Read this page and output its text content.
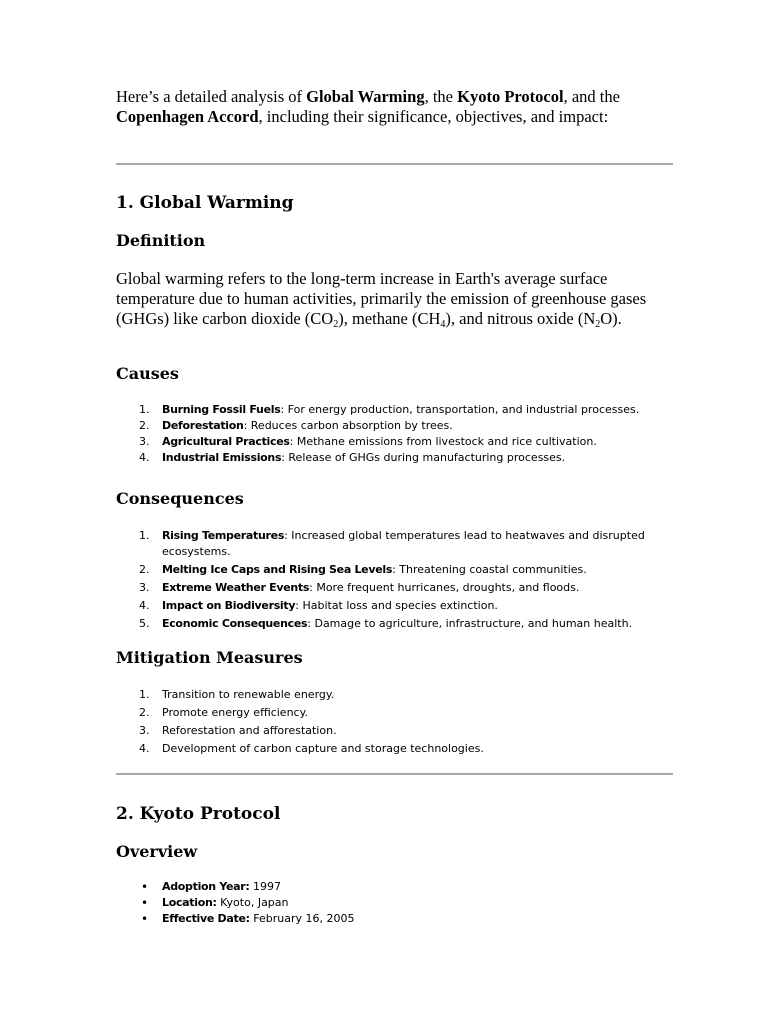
Here’s a detailed analysis of Global Warming, the Kyoto Protocol, and the Copenhagen Accord, including their significance, objectives, and impact:

1. Global Warming
Definition

Global warming refers to the long-term increase in Earth's average surface temperature due to human activities, primarily the emission of greenhouse gases (GHGs) like carbon dioxide $(CO_2)$, methane $(CH_4)$, and nitrous oxide $(N_2O)$.

Causes
1. Burning Fossil Fuels: For energy production, transportation, and industrial processes.
2. Deforestation: Reduces carbon absorption by trees.
3. Agricultural Practices: Methane emissions from livestock and rice cultivation.
4. Industrial Emissions: Release of GHGs during manufacturing processes.
Consequences
1. Rising Temperatures: Increased global temperatures lead to heatwaves and disrupted ecosystems.
2. Melting Ice Caps and Rising Sea Levels: Threatening coastal communities.
3. Extreme Weather Events: More frequent hurricanes, droughts, and floods.
4. Impact on Biodiversity: Habitat loss and species extinction.
5. Economic Consequences: Damage to agriculture, infrastructure, and human health.
Mitigation Measures
1. Transition to renewable energy.
2. Promote energy efficiency.
3. Reforestation and afforestation.
4. Development of carbon capture and storage technologies.
2. Kyoto Protocol
Overview
• Adoption Year: 1997
• Location: Kyoto, Japan
• Effective Date: February 16, 2005
